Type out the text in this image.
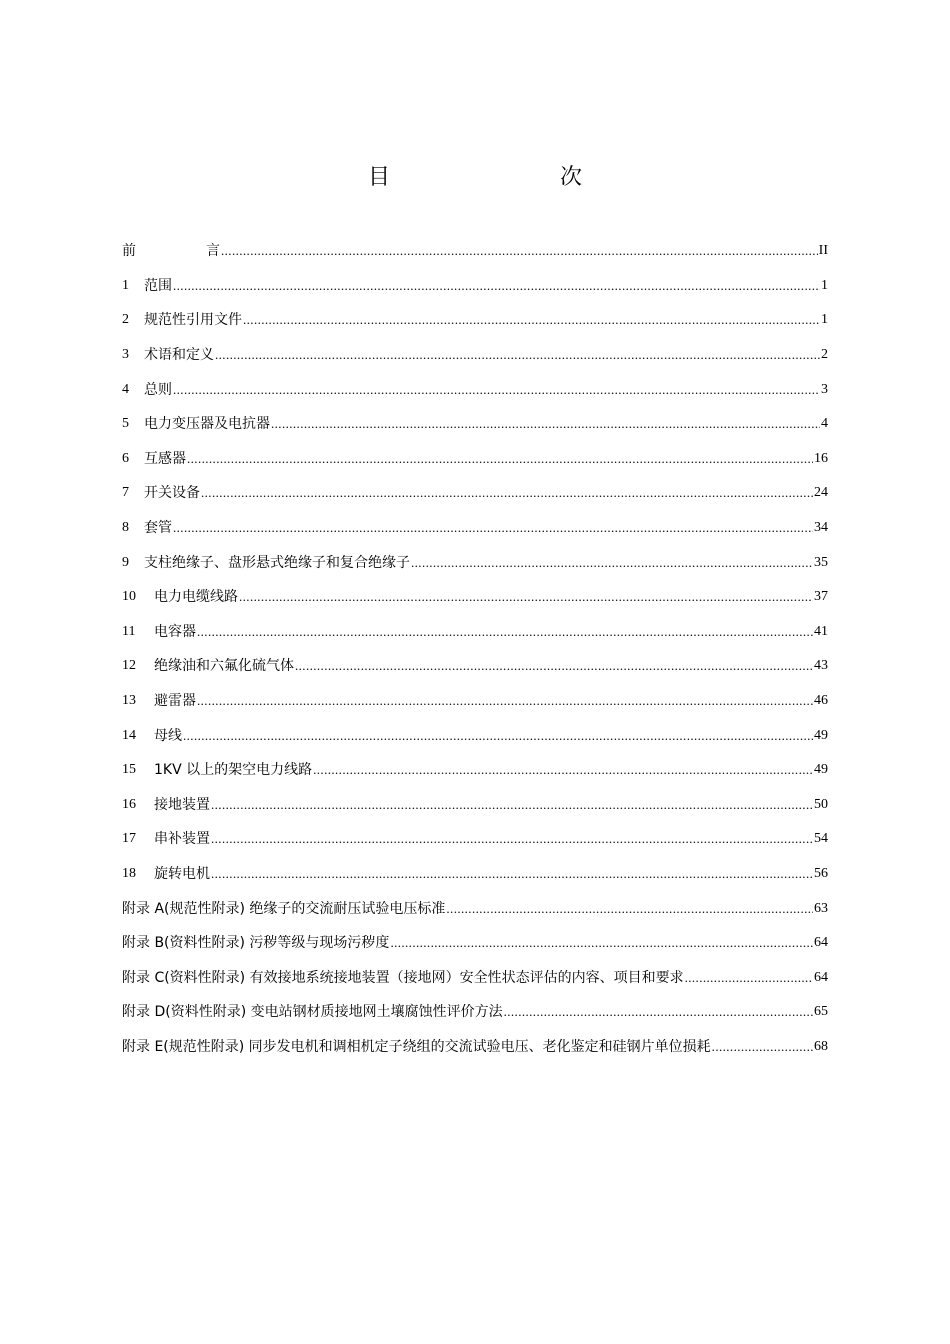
目　　次
前　言 .....	II
1	范围 .....	1
2	规范性引用文件 .....	1
3	术语和定义 .....	2
4	总则 .....	3
5	电力变压器及电抗器 .....	4
6	互感器 .....	16
7	开关设备 .....	24
8	套管 .....	34
9	支柱绝缘子、盘形悬式绝缘子和复合绝缘子 .....	35
10	电力电缆线路 .....	37
11	电容器 .....	41
12	绝缘油和六氟化硫气体 .....	43
13	避雷器 .....	46
14	母线 .....	49
15	1KV 以上的架空电力线路 .....	49
16	接地装置 .....	50
17	串补装置 .....	54
18	旋转电机 .....	56
附录 A(规范性附录) 绝缘子的交流耐压试验电压标准 .....	63
附录 B(资料性附录) 污秽等级与现场污秽度 .....	64
附录 C(资料性附录) 有效接地系统接地装置（接地网）安全性状态评估的内容、项目和要求 .....	64
附录 D(资料性附录) 变电站钢材质接地网土壤腐蚀性评价方法 .....	65
附录 E(规范性附录) 同步发电机和调相机定子绕组的交流试验电压、老化鉴定和硅钢片单位损耗 .....	68
